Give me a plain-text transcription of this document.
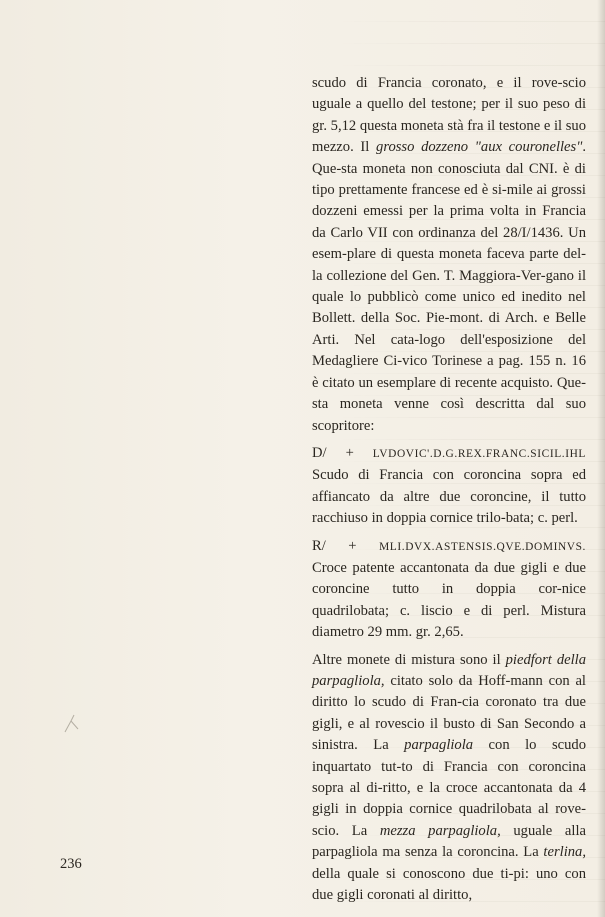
scudo di Francia coronato, e il rove-scio uguale a quello del testone; per il suo peso di gr. 5,12 questa moneta stà fra il testone e il suo mezzo. Il grosso dozzeno "aux couronelles". Que-sta moneta non conosciuta dal CNI. è di tipo prettamente francese ed è si-mile ai grossi dozzeni emessi per la prima volta in Francia da Carlo VII con ordinanza del 28/I/1436. Un esem-plare di questa moneta faceva parte del-la collezione del Gen. T. Maggiora-Ver-gano il quale lo pubblicò come unico ed inedito nel Bollett. della Soc. Pie-mont. di Arch. e Belle Arti. Nel cata-logo dell'esposizione del Medagliere Ci-vico Torinese a pag. 155 n. 16 è citato un esemplare di recente acquisto. Que-sta moneta venne così descritta dal suo scopritore:

D/ + LVDOVIC'.D.G.REX.FRANC.SICIL.IHL Scudo di Francia con coroncina sopra ed affiancato da altre due coroncine, il tutto racchiuso in doppia cornice trilo-bata; c. perl.

R/ + MLI.DVX.ASTENSIS.QVE.DOMINVS. Croce patente accantonata da due gigli e due coroncine tutto in doppia cor-nice quadrilobata; c. liscio e di perl. Mistura diametro 29 mm. gr. 2,65.

Altre monete di mistura sono il piedfort della parpagliola, citato solo da Hoff-mann con al diritto lo scudo di Fran-cia coronato tra due gigli, e al rovescio il busto di San Secondo a sinistra. La parpagliola con lo scudo inquartato tut-to di Francia con coroncina sopra al di-ritto, e la croce accantonata da 4 gigli in doppia cornice quadrilobata al rove-scio. La mezza parpagliola, uguale alla parpagliola ma senza la coroncina. La terlina, della quale si conoscono due ti-pi: uno con due gigli coronati al diritto,

236
